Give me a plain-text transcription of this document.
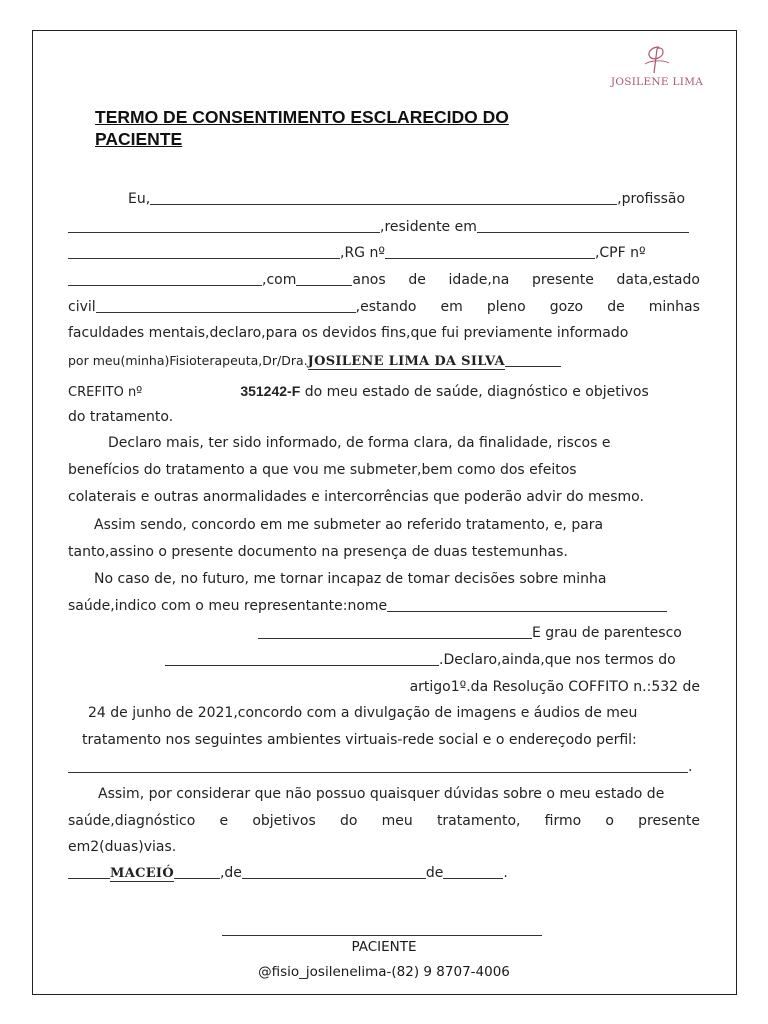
JOSILENE LIMA
TERMO DE CONSENTIMENTO ESCLARECIDO DO PACIENTE
Eu,	,profissão
,residente em
,RG nº	,CPF nº
,com	anos de idade,na presente data,estado
civil	,estando em pleno gozo de minhas
faculdades mentais,declaro,para os devidos fins,que fui previamente informado
por meu(minha)Fisioterapeuta,Dr/Dra.JOSILENE LIMA DA SILVA
CREFITO nº	351242-F do meu estado de saúde, diagnóstico e objetivos
do tratamento.
Declaro mais, ter sido informado, de forma clara, da finalidade, riscos e
benefícios do tratamento a que vou me submeter,bem como dos efeitos
colaterais e outras anormalidades e intercorrências que poderão advir do mesmo.
Assim sendo, concordo em me submeter ao referido tratamento, e, para
tanto,assino o presente documento na presença de duas testemunhas.
No caso de, no futuro, me tornar incapaz de tomar decisões sobre minha
saúde,indico com o meu representante:nome
E grau de parentesco
.Declaro,ainda,que nos termos do
artigo1º.da Resolução COFFITO n.:532 de
24 de junho de 2021,concordo com a divulgação de imagens e áudios de meu
tratamento nos seguintes ambientes virtuais-rede social e o endereçodo perfil:
.
Assim, por considerar que não possuo quaisquer dúvidas sobre o meu estado de
saúde,diagnóstico e objetivos do meu tratamento, firmo o presente
em2(duas)vias.
MACEIÓ	,de	de	.
PACIENTE
@fisio_josilenelima-(82) 9 8707-4006
